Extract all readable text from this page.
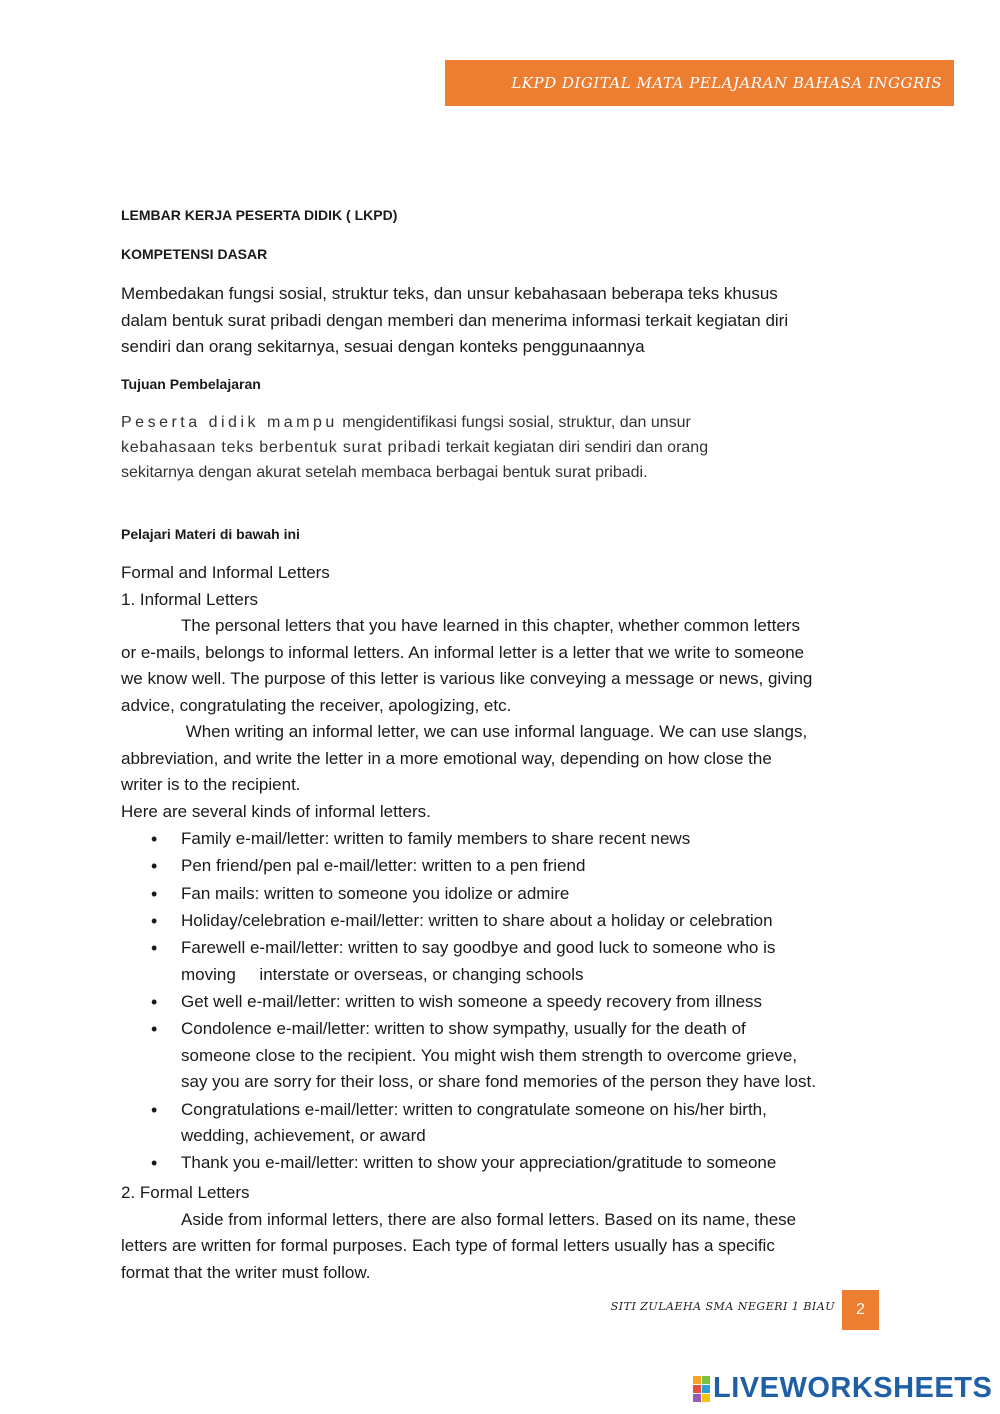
LKPD DIGITAL MATA PELAJARAN BAHASA INGGRIS
LEMBAR KERJA PESERTA DIDIK ( LKPD)
KOMPETENSI DASAR
Membedakan fungsi sosial, struktur teks, dan unsur kebahasaan beberapa teks khusus
dalam bentuk surat pribadi dengan memberi dan menerima informasi terkait kegiatan diri
sendiri dan orang sekitarnya, sesuai dengan konteks penggunaannya
Tujuan Pembelajaran
Peserta didik mampu mengidentifikasi fungsi sosial, struktur, dan unsur
kebahasaan teks berbentuk surat pribadi terkait kegiatan diri sendiri dan orang
sekitarnya dengan akurat setelah membaca berbagai bentuk surat pribadi.
Pelajari Materi di bawah ini
Formal and Informal Letters
1. Informal Letters
The personal letters that you have learned in this chapter, whether common letters
or e-mails, belongs to informal letters. An informal letter is a letter that we write to someone
we know well. The purpose of this letter is various like conveying a message or news, giving
advice, congratulating the receiver, apologizing, etc.
When writing an informal letter, we can use informal language. We can use slangs,
abbreviation, and write the letter in a more emotional way, depending on how close the
writer is to the recipient.
Here are several kinds of informal letters.
• Family e-mail/letter: written to family members to share recent news
• Pen friend/pen pal e-mail/letter: written to a pen friend
• Fan mails: written to someone you idolize or admire
• Holiday/celebration e-mail/letter: written to share about a holiday or celebration
• Farewell e-mail/letter: written to say goodbye and good luck to someone who is
moving     interstate or overseas, or changing schools
• Get well e-mail/letter: written to wish someone a speedy recovery from illness
• Condolence e-mail/letter: written to show sympathy, usually for the death of
someone close to the recipient. You might wish them strength to overcome grieve,
say you are sorry for their loss, or share fond memories of the person they have lost.
• Congratulations e-mail/letter: written to congratulate someone on his/her birth,
wedding, achievement, or award
• Thank you e-mail/letter: written to show your appreciation/gratitude to someone
2. Formal Letters
Aside from informal letters, there are also formal letters. Based on its name, these
letters are written for formal purposes. Each type of formal letters usually has a specific
format that the writer must follow.
SITI ZULAEHA SMA NEGERI 1 BIAU 2
LIVEWORKSHEETS
